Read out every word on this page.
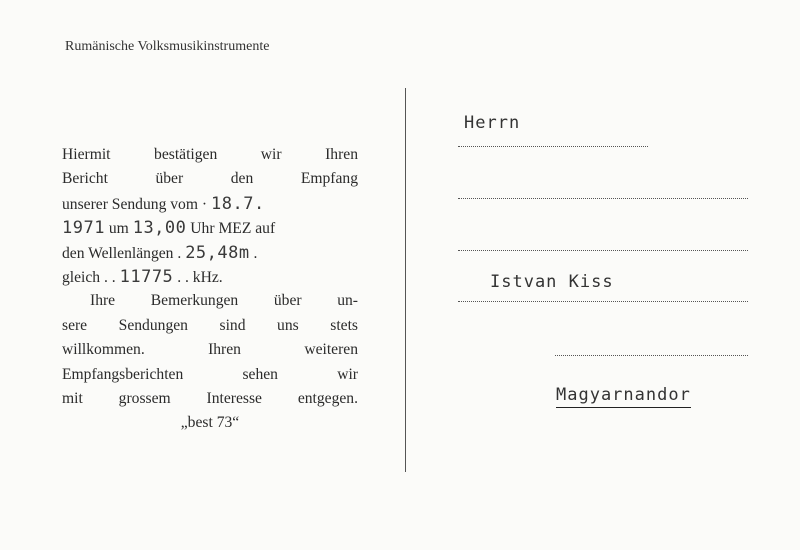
Rumänische Volksmusikinstrumente
Hiermit bestätigen wir Ihren
Bericht über den Empfang
unserer Sendung vom · 18.7.
1971 um 13,00 Uhr MEZ auf
den Wellenlängen . 25,48m .
gleich . . 11775 . . kHz.
Ihre Bemerkungen über un-
sere Sendungen sind uns stets
willkommen. Ihren weiteren
Empfangsberichten sehen wir
mit grossem Interesse entgegen.
„best 73“
Herrn
Istvan Kiss
Magyarnandor
